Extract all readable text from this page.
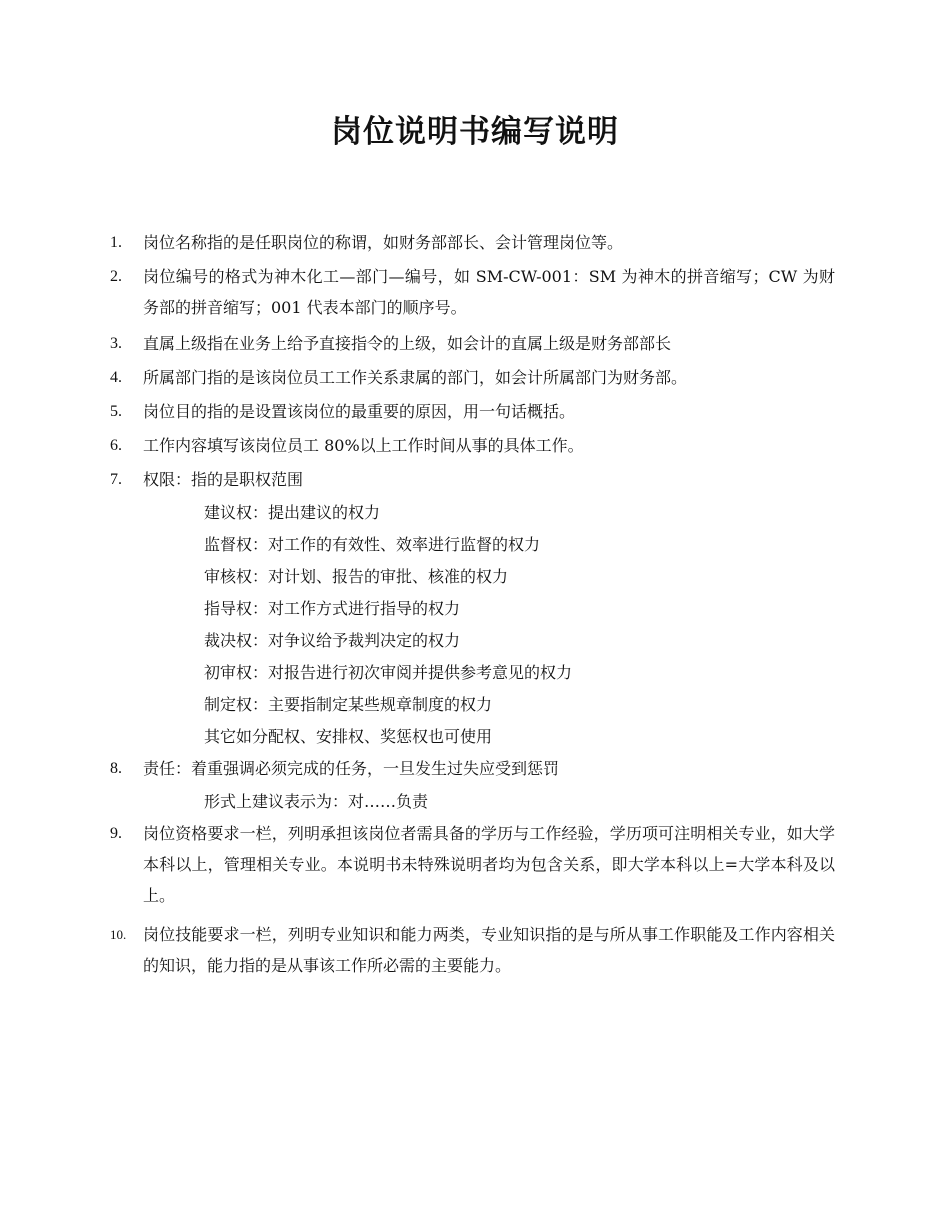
岗位说明书编写说明
1. 岗位名称指的是任职岗位的称谓，如财务部部长、会计管理岗位等。
2. 岗位编号的格式为神木化工—部门—编号，如 SM-CW-001：SM 为神木的拼音缩写；CW 为财务部的拼音缩写；001 代表本部门的顺序号。
3. 直属上级指在业务上给予直接指令的上级，如会计的直属上级是财务部部长
4. 所属部门指的是该岗位员工工作关系隶属的部门，如会计所属部门为财务部。
5. 岗位目的指的是设置该岗位的最重要的原因，用一句话概括。
6. 工作内容填写该岗位员工 80%以上工作时间从事的具体工作。
7. 权限：指的是职权范围
建议权：提出建议的权力
监督权：对工作的有效性、效率进行监督的权力
审核权：对计划、报告的审批、核准的权力
指导权：对工作方式进行指导的权力
裁决权：对争议给予裁判决定的权力
初审权：对报告进行初次审阅并提供参考意见的权力
制定权：主要指制定某些规章制度的权力
其它如分配权、安排权、奖惩权也可使用
8. 责任：着重强调必须完成的任务，一旦发生过失应受到惩罚
形式上建议表示为：对……负责
9. 岗位资格要求一栏，列明承担该岗位者需具备的学历与工作经验，学历项可注明相关专业，如大学本科以上，管理相关专业。本说明书未特殊说明者均为包含关系，即大学本科以上=大学本科及以上。
10. 岗位技能要求一栏，列明专业知识和能力两类，专业知识指的是与所从事工作职能及工作内容相关的知识，能力指的是从事该工作所必需的主要能力。
